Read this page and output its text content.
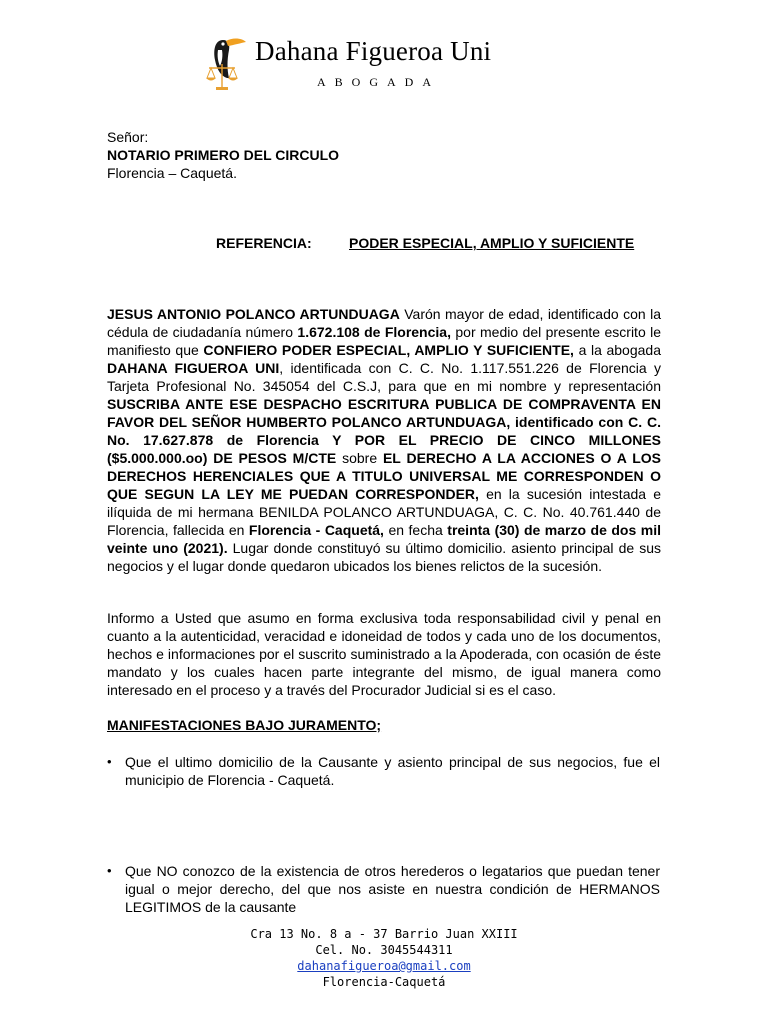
Dahana Figueroa Uni
ABOGADA
Señor:
NOTARIO PRIMERO DEL CIRCULO
Florencia – Caquetá.
REFERENCIA:	PODER ESPECIAL, AMPLIO Y SUFICIENTE
JESUS ANTONIO POLANCO ARTUNDUAGA Varón mayor de edad, identificado con la cédula de ciudadanía número 1.672.108 de Florencia, por medio del presente escrito le manifiesto que CONFIERO PODER ESPECIAL, AMPLIO Y SUFICIENTE, a la abogada DAHANA FIGUEROA UNI, identificada con C. C. No. 1.117.551.226 de Florencia y Tarjeta Profesional No. 345054 del C.S.J, para que en mi nombre y representación SUSCRIBA ANTE ESE DESPACHO ESCRITURA PUBLICA DE COMPRAVENTA EN FAVOR DEL SEÑOR HUMBERTO POLANCO ARTUNDUAGA, identificado con C. C. No. 17.627.878 de Florencia Y POR EL PRECIO DE CINCO MILLONES ($5.000.000.oo) DE PESOS M/CTE sobre EL DERECHO A LA ACCIONES O A LOS DERECHOS HERENCIALES QUE A TITULO UNIVERSAL ME CORRESPONDEN O QUE SEGUN LA LEY ME PUEDAN CORRESPONDER, en la sucesión intestada e ilíquida de mi hermana BENILDA POLANCO ARTUNDUAGA, C. C. No. 40.761.440 de Florencia, fallecida en Florencia - Caquetá, en fecha treinta (30) de marzo de dos mil veinte uno (2021). Lugar donde constituyó su último domicilio. asiento principal de sus negocios y el lugar donde quedaron ubicados los bienes relictos de la sucesión.
Informo a Usted que asumo en forma exclusiva toda responsabilidad civil y penal en cuanto a la autenticidad, veracidad e idoneidad de todos y cada uno de los documentos, hechos e informaciones por el suscrito suministrado a la Apoderada, con ocasión de éste mandato y los cuales hacen parte integrante del mismo, de igual manera como interesado en el proceso y a través del Procurador Judicial si es el caso.
MANIFESTACIONES BAJO JURAMENTO;
• Que el ultimo domicilio de la Causante y asiento principal de sus negocios, fue el municipio de Florencia - Caquetá.
• Que NO conozco de la existencia de otros herederos o legatarios que puedan tener igual o mejor derecho, del que nos asiste en nuestra condición de HERMANOS LEGITIMOS de la causante
Cra 13 No. 8 a - 37 Barrio Juan XXIII
Cel. No. 3045544311
dahanafigueroa@gmail.com
Florencia-Caquetá
